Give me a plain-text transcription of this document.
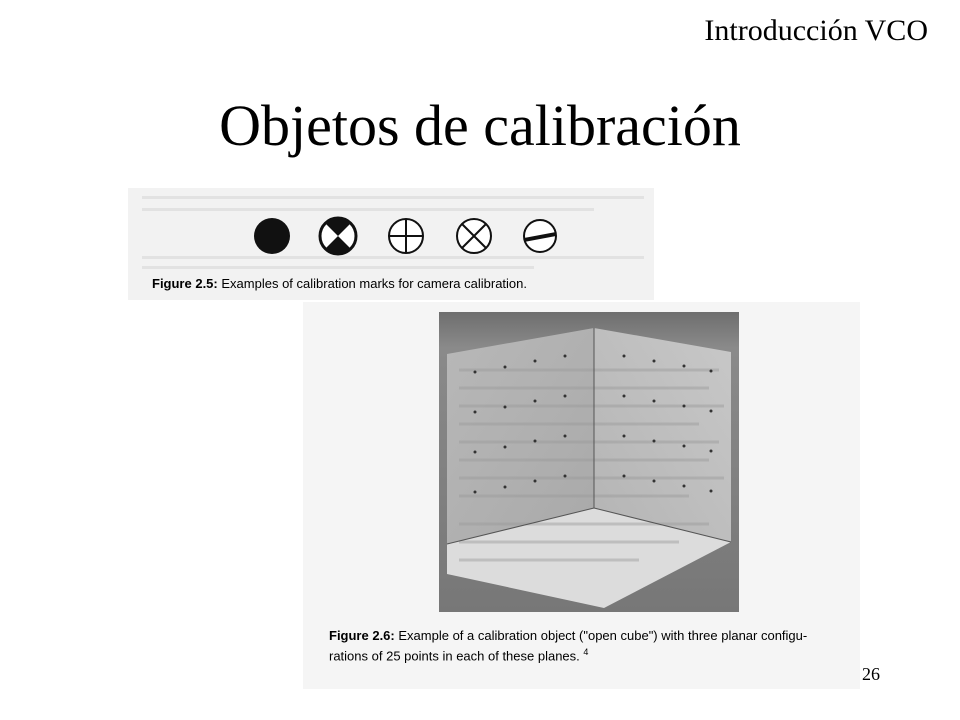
Introducción VCO
Objetos de calibración
Figure 2.5: Examples of calibration marks for camera calibration.
Figure 2.6: Example of a calibration object ("open cube") with three planar configu-
rations of 25 points in each of these planes. $^4$
26
